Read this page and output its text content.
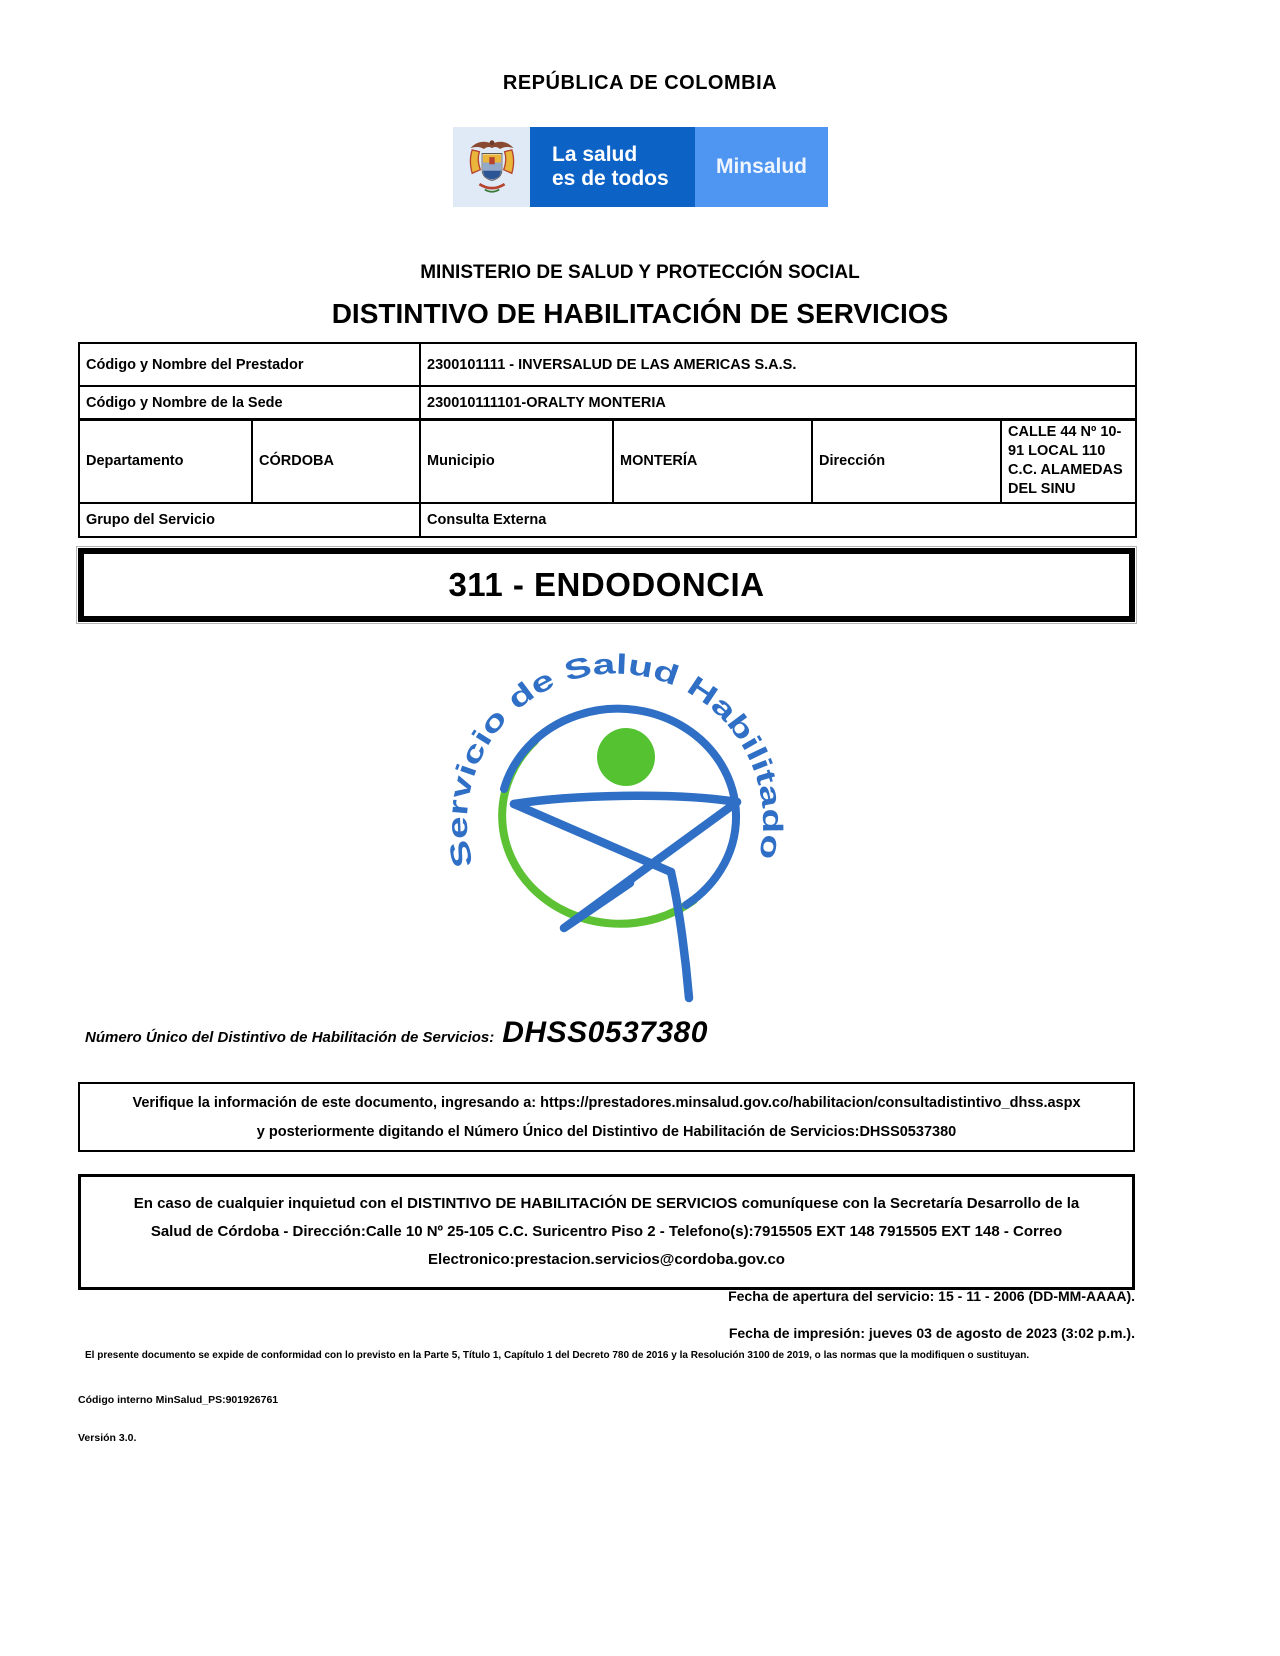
REPÚBLICA DE COLOMBIA
La salud
es de todos
Minsalud
MINISTERIO DE SALUD Y PROTECCIÓN SOCIAL
DISTINTIVO DE HABILITACIÓN DE SERVICIOS
Código y Nombre del Prestador		2300101111 - INVERSALUD DE LAS AMERICAS S.A.S.			
Código y Nombre de la Sede		230010111101-ORALTY MONTERIA			
Departamento	CÓRDOBA	Municipio	MONTERÍA	Dirección	CALLE 44 Nº 10-91 LOCAL 110 C.C. ALAMEDAS DEL SINU
Grupo del Servicio		Consulta Externa			
311 - ENDODONCIA
Servicio de Salud Habilitado
Número Único del Distintivo de Habilitación de Servicios: DHSS0537380
Verifique la información de este documento, ingresando a: https://prestadores.minsalud.gov.co/habilitacion/consultadistintivo_dhss.aspx
y posteriormente digitando el Número Único del Distintivo de Habilitación de Servicios:DHSS0537380
En caso de cualquier inquietud con el DISTINTIVO DE HABILITACIÓN DE SERVICIOS comuníquese con la Secretaría Desarrollo de la
Salud de Córdoba - Dirección:Calle 10 Nº 25-105 C.C. Suricentro Piso 2 - Telefono(s):7915505 EXT 148 7915505 EXT 148 - Correo
Electronico:prestacion.servicios@cordoba.gov.co
Fecha de apertura del servicio: 15 - 11 - 2006 (DD-MM-AAAA).
Fecha de impresión: jueves 03 de agosto de 2023 (3:02 p.m.).
El presente documento se expide de conformidad con lo previsto en la Parte 5, Título 1, Capítulo 1 del Decreto 780 de 2016 y la Resolución 3100 de 2019, o las normas que la modifiquen o sustituyan.
Código interno MinSalud_PS:901926761
Versión 3.0.
